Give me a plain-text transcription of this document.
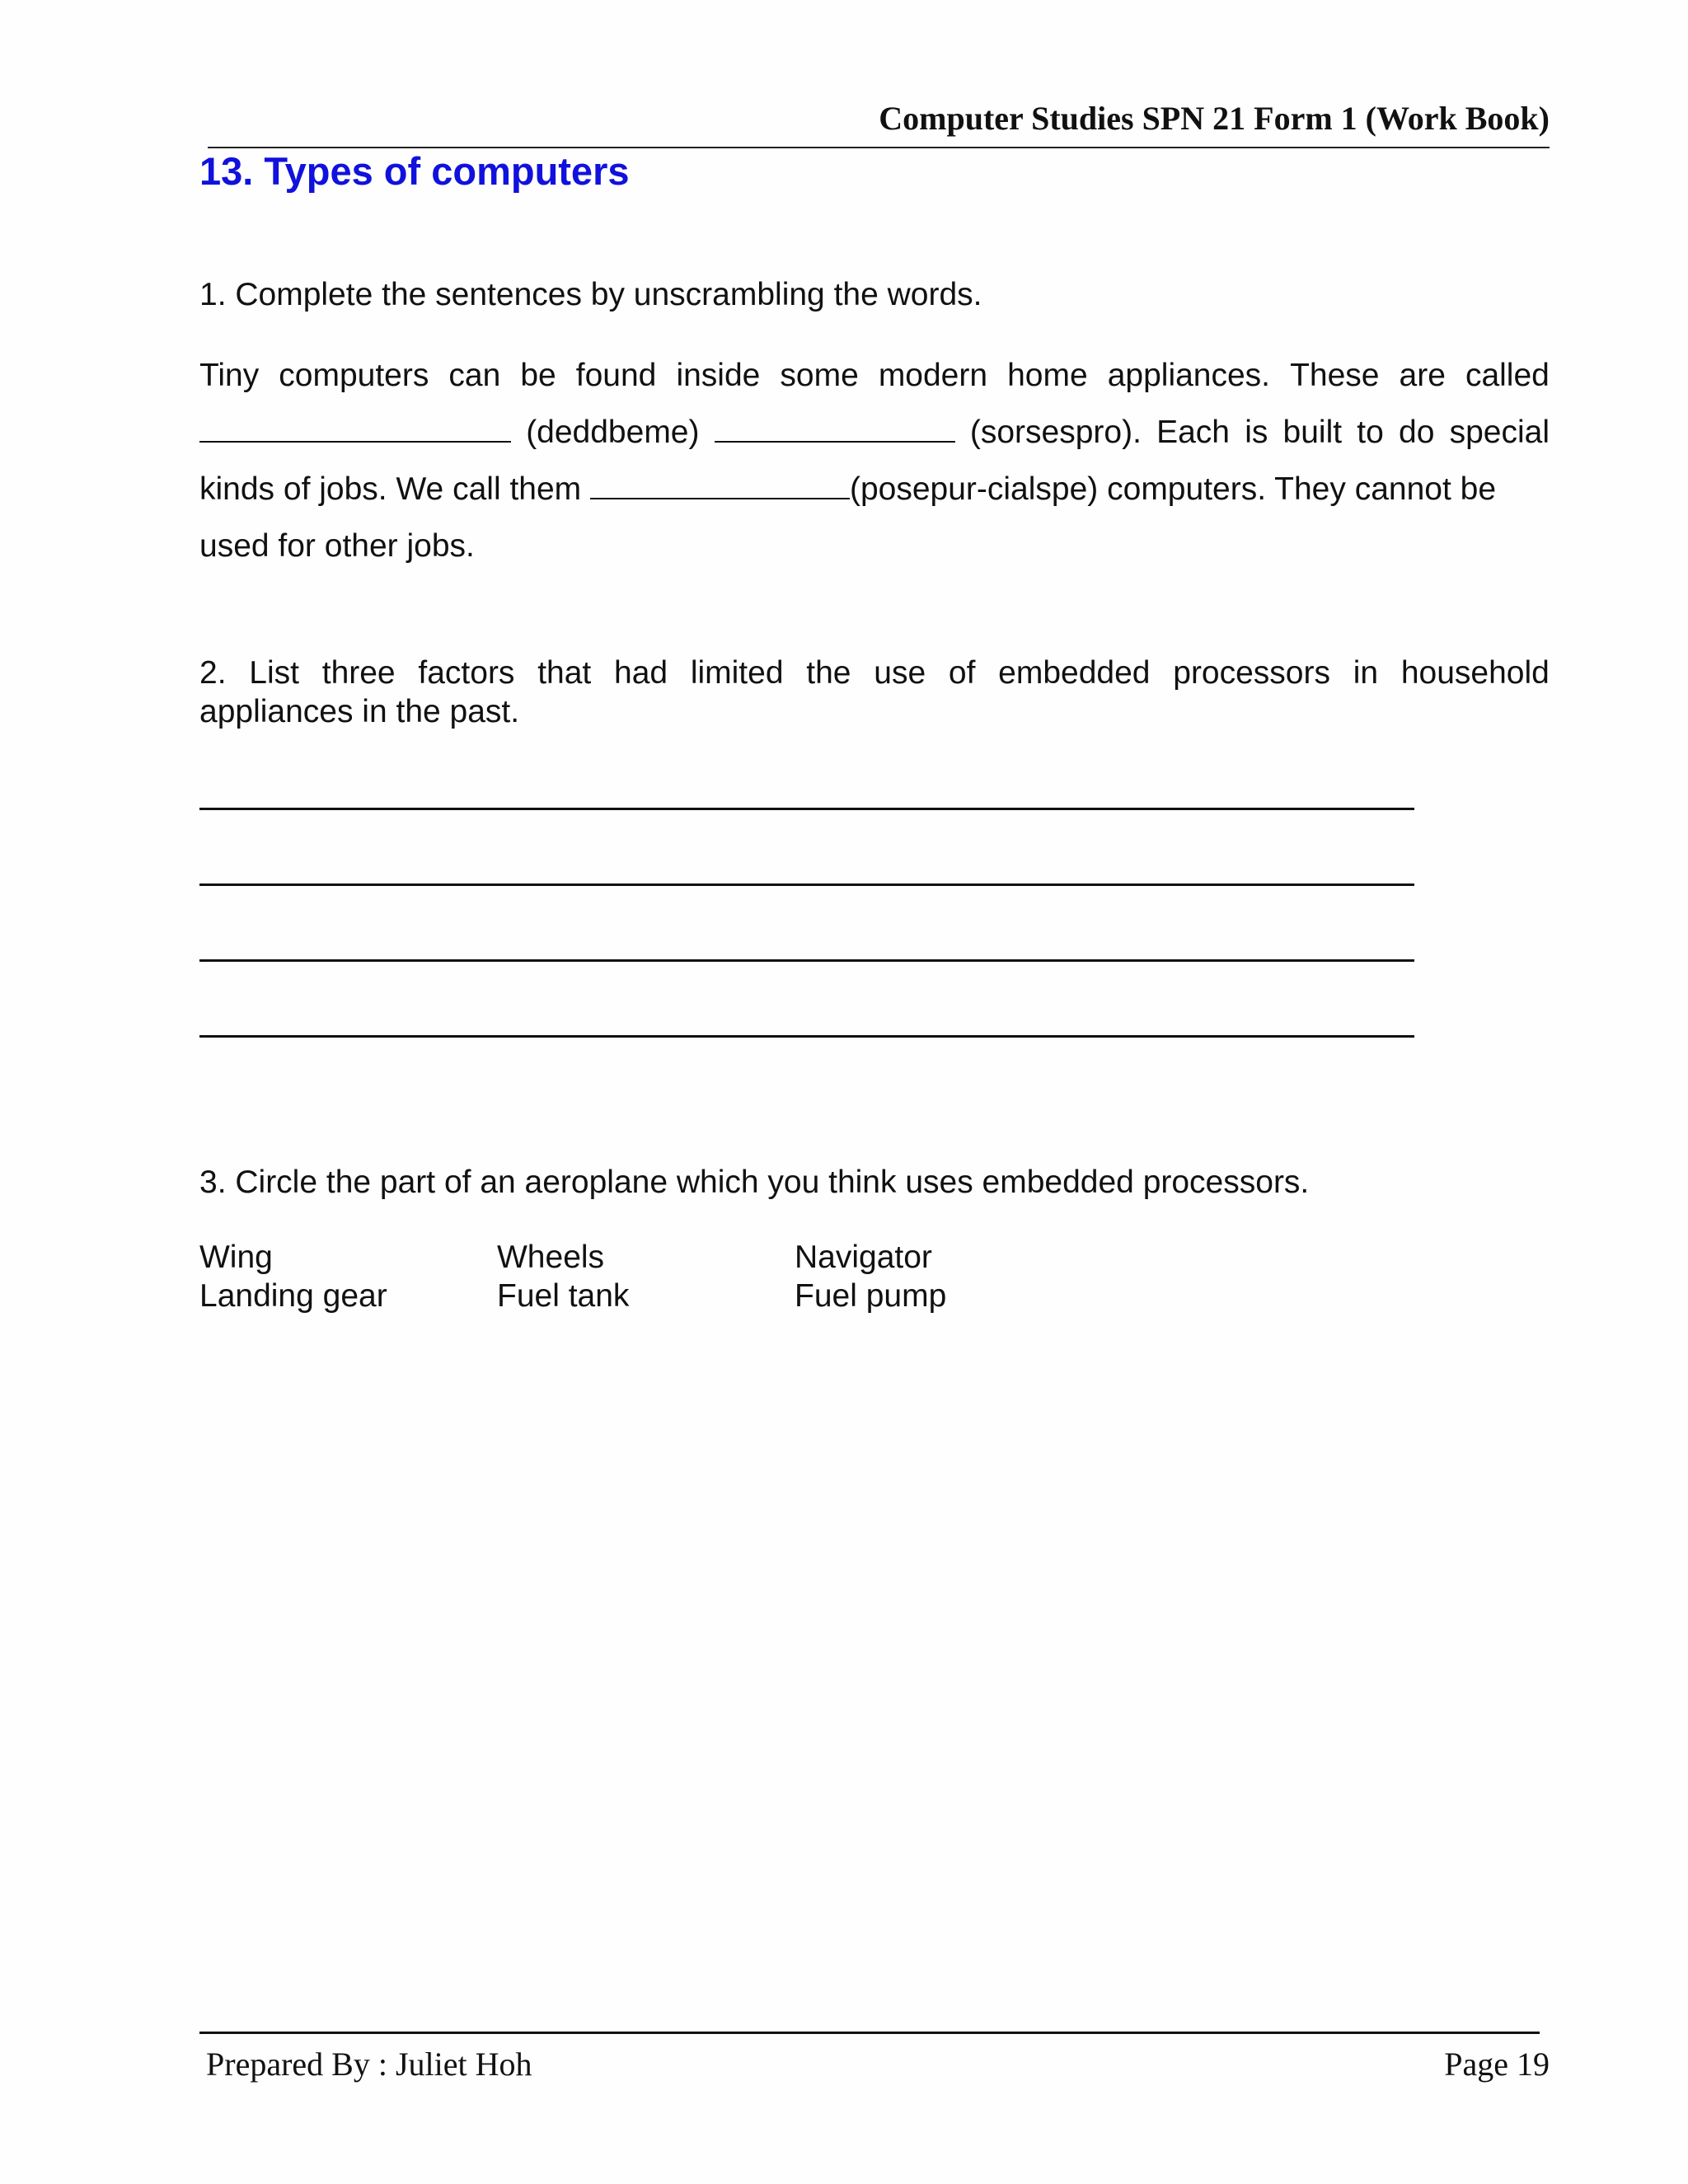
Computer Studies SPN 21 Form 1 (Work Book)
13. Types of computers
1. Complete the sentences by unscrambling the words.
Tiny computers can be found inside some modern home appliances. These are called
(deddbeme)	(sorsespro). Each is built to do special
kinds of jobs. We call them	(posepur-cialspe) computers. They cannot be
used for other jobs.
2. List three factors that had limited the use of embedded processors in household
appliances in the past.
3. Circle the part of an aeroplane which you think uses embedded processors.
Wing	Wheels	Navigator
Landing gear	Fuel tank	Fuel pump
Prepared By : Juliet Hoh	Page 19
